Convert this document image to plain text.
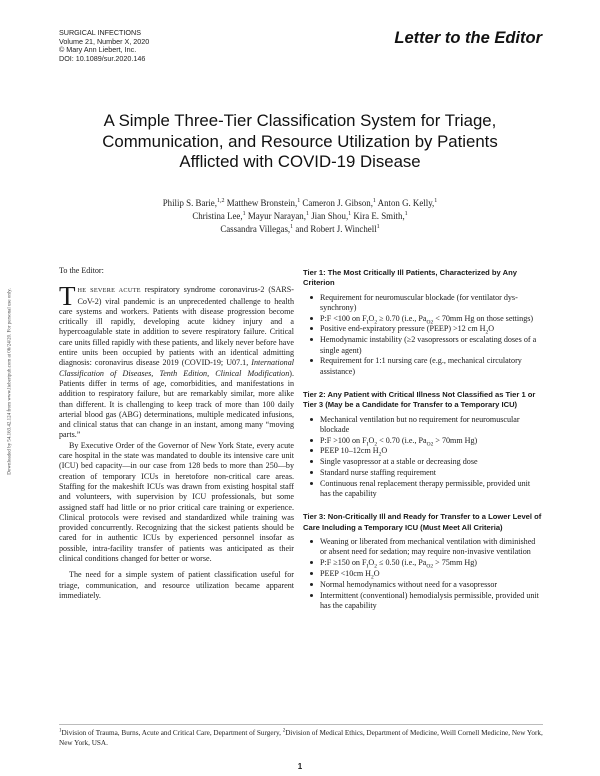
SURGICAL INFECTIONS
Volume 21, Number X, 2020
© Mary Ann Liebert, Inc.
DOI: 10.1089/sur.2020.146
Letter to the Editor
A Simple Three-Tier Classification System for Triage,
Communication, and Resource Utilization by Patients
Afflicted with COVID-19 Disease
Philip S. Barie,$^{1,2}$ Matthew Bronstein,$^1$ Cameron J. Gibson,$^1$ Anton G. Kelly,$^1$
Christina Lee,$^1$ Mayur Narayan,$^1$ Jian Shou,$^1$ Kira E. Smith,$^1$
Cassandra Villegas,$^1$ and Robert J. Winchell$^1$
Downloaded by 54.163.42.124 from www.liebertpub.com at 06/24/20. For personal use only.

To the Editor:

THE SEVERE ACUTE respiratory syndrome coronavirus-2 (SARS-CoV-2) viral pandemic is an unprecedented challenge to health care systems and workers. Patients with disease progression become critically ill rapidly, developing acute kidney injury and a hypercoagulable state in addition to severe respiratory failure. Critical care units filled rapidly with these patients, and likely never before have entire units been occupied by patients with an identical admitting diagnosis: coronavirus disease 2019 (COVID-19; U07.1, International Classification of Diseases, Tenth Edition, Clinical Modification). Patients differ in terms of age, comorbidities, and manifestations in addition to respiratory failure, but are remarkably similar, more alike than different. It is challenging to keep track of more than 100 daily arterial blood gas (ABG) determinations, multiple medicated infusions, and clinical status that can change in an instant, among many “moving parts.”

By Executive Order of the Governor of New York State, every acute care hospital in the state was mandated to double its intensive care unit (ICU) bed capacity—in our case from 128 beds to more than 250—by creation of temporary ICUs in heretofore non-critical care areas. Staffing for the makeshift ICUs was drawn from existing hospital staff and volunteers, with supervision by ICU professionals, but some assigned staff had little or no prior critical care training or experience. Clinical protocols were revised and standardized while training was provided concurrently. Recognizing that the sickest patients should be cared for in authentic ICUs by experienced personnel insofar as possible, intra-facility transfer of patients was anticipated as their clinical conditions changed for better or worse.

The need for a simple system of patient classification useful for triage, communication, and resource utilization became apparent immediately.

Tier 1: The Most Critically Ill Patients, Characterized by Any Criterion
Requirement for neuromuscular blockade (for ventilator dys-synchrony)
P:F <100 on $F_IO_2 \ge 0.70$ (i.e., $Pa_{O2} < 70mm$ Hg on those settings)
Positive end-expiratory pressure (PEEP) >12 cm $H_2O$
Hemodynamic instability (≥2 vasopressors or escalating doses of a single agent)
Requirement for 1:1 nursing care (e.g., mechanical circulatory assistance)
Tier 2: Any Patient with Critical Illness Not Classified as Tier 1 or Tier 3 (May be a Candidate for Transfer to a Temporary ICU)
Mechanical ventilation but no requirement for neuromuscular blockade
P:F >100 on $F_IO_2 < 0.70$ (i.e., $Pa_{O2} > 70mm$ Hg)
PEEP 10–12cm $H_2O$
Single vasopressor at a stable or decreasing dose
Standard nurse staffing requirement
Continuous renal replacement therapy permissible, provided unit has the capability
Tier 3: Non-Critically Ill and Ready for Transfer to a Lower Level of Care Including a Temporary ICU (Must Meet All Criteria)
Weaning or liberated from mechanical ventilation with diminished or absent need for sedation; may require non-invasive ventilation
P:F ≥150 on $F_IO_2 \le 0.50$ (i.e., $Pa_{O2} > 75mm$ Hg)
PEEP <10cm $H_2O$
Normal hemodynamics without need for a vasopressor
Intermittent (conventional) hemodialysis permissible, provided unit has the capability
$^1$Division of Trauma, Burns, Acute and Critical Care, Department of Surgery, $^2$Division of Medical Ethics, Department of Medicine, Weill Cornell Medicine, New York, New York, USA.
1
